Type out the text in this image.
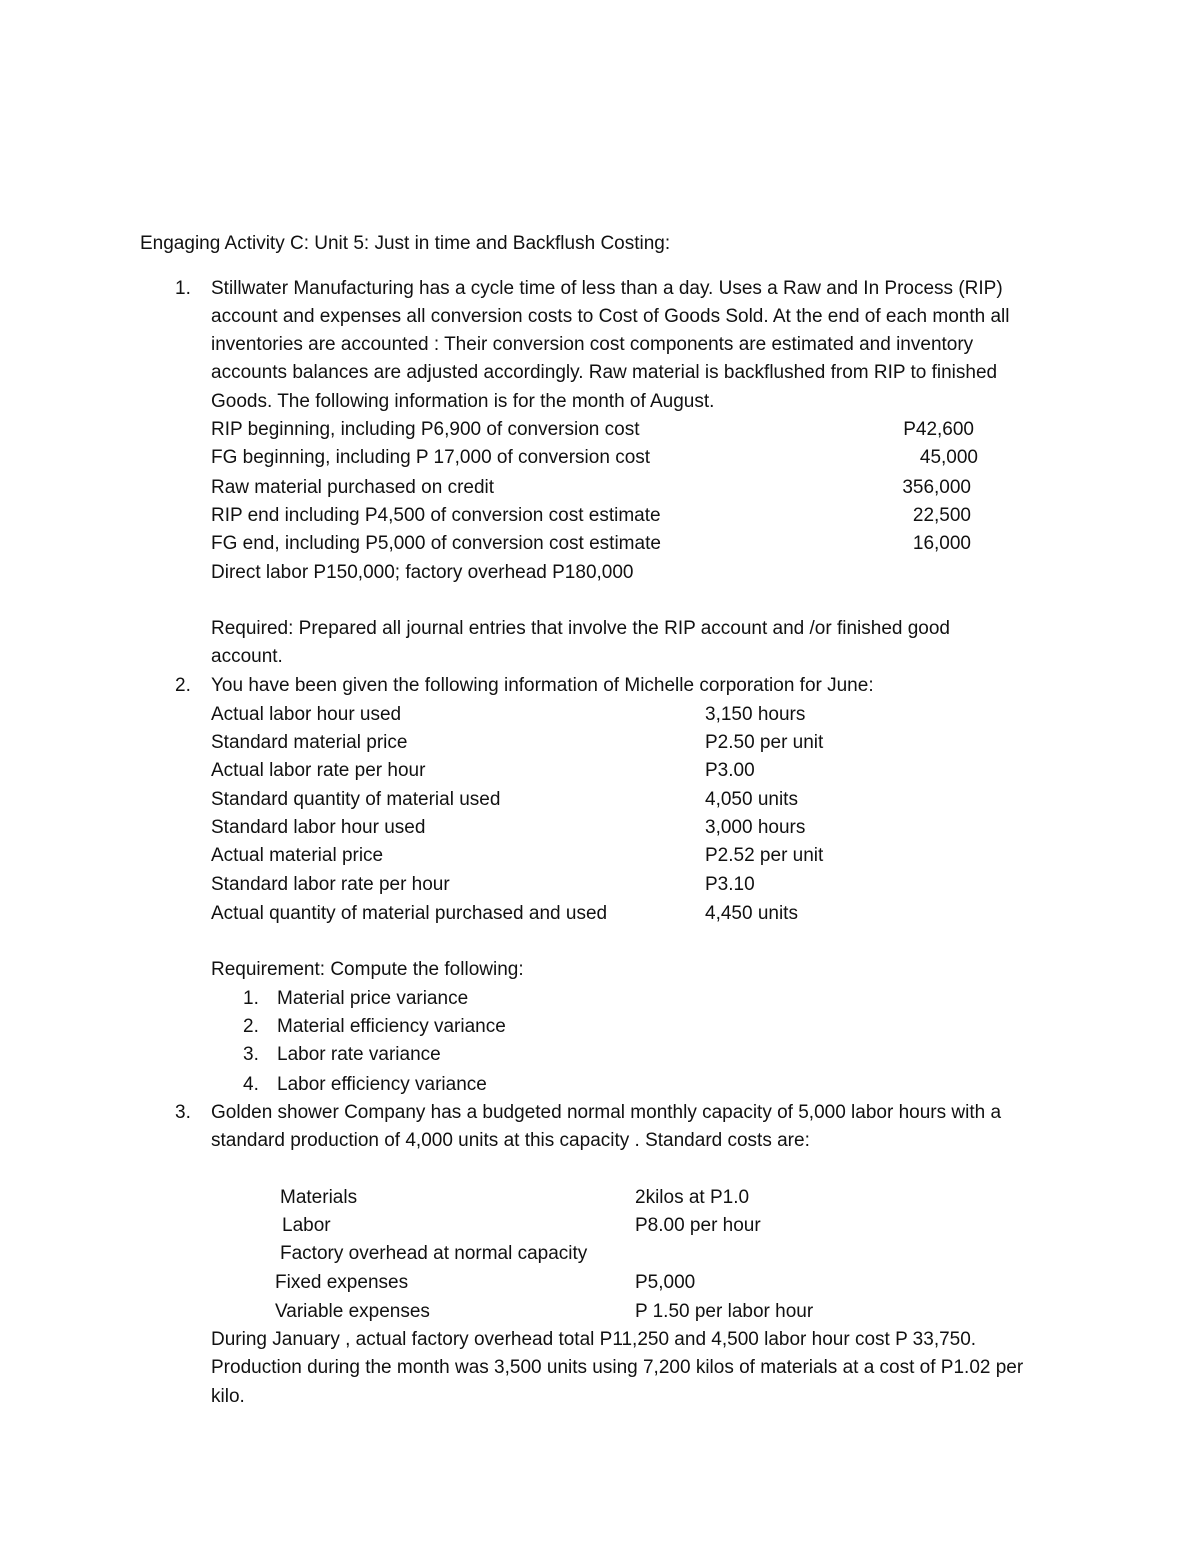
Engaging Activity C: Unit 5: Just in time and Backflush Costing:
1. Stillwater Manufacturing has a cycle time of less than a day. Uses a Raw and In Process (RIP)
account and expenses all conversion costs to Cost of Goods Sold. At the end of each month all
inventories are accounted : Their conversion cost components are estimated and inventory
accounts balances are adjusted accordingly. Raw material is backflushed from RIP to finished
Goods. The following information is for the month of August.
RIP beginning, including P6,900 of conversion cost	P42,600
FG beginning, including P 17,000 of conversion cost	45,000
Raw material purchased on credit	356,000
RIP end including P4,500 of conversion cost estimate	22,500
FG end, including P5,000 of conversion cost estimate	16,000
Direct labor P150,000; factory overhead P180,000
Required: Prepared all journal entries that involve the RIP account and /or finished good
account.
2. You have been given the following information of Michelle corporation for June:
Actual labor hour used	3,150 hours
Standard material price	P2.50 per unit
Actual labor rate per hour	P3.00
Standard quantity of material used	4,050 units
Standard labor hour used	3,000 hours
Actual material price	P2.52 per unit
Standard labor rate per hour	P3.10
Actual quantity of material purchased and used	4,450 units
Requirement: Compute the following:
1. Material price variance
2. Material efficiency variance
3. Labor rate variance
4. Labor efficiency variance
3. Golden shower Company has a budgeted normal monthly capacity of 5,000 labor hours with a
standard production of 4,000 units at this capacity . Standard costs are:
Materials	2kilos at P1.0
Labor	P8.00 per hour
Factory overhead at normal capacity
Fixed expenses	P5,000
Variable expenses	P 1.50 per labor hour
During January , actual factory overhead total P11,250 and 4,500 labor hour cost P 33,750.
Production during the month was 3,500 units using 7,200 kilos of materials at a cost of P1.02 per
kilo.
